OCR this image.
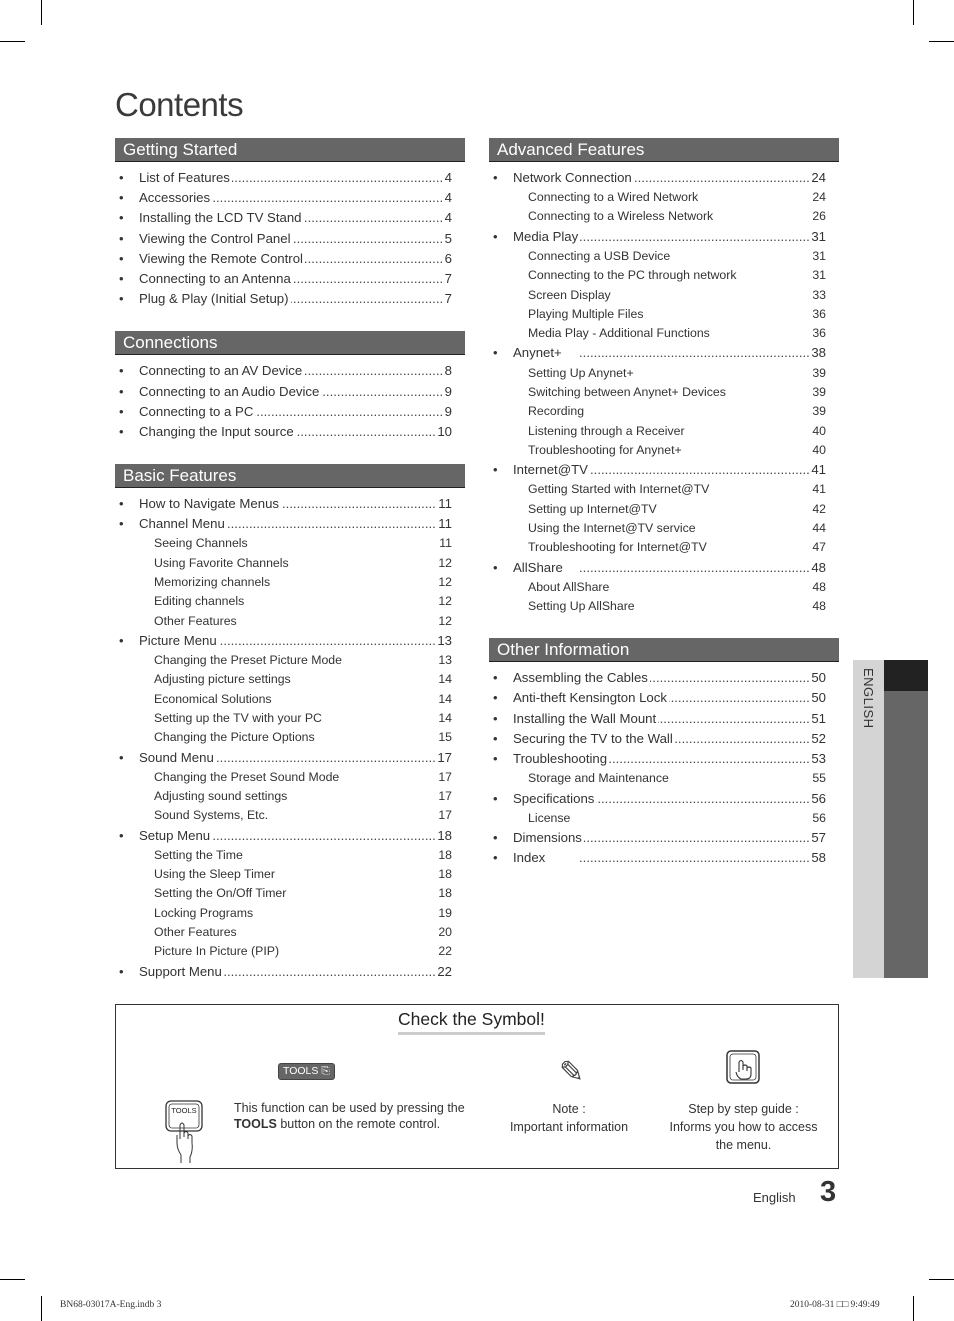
Contents
Getting Started
• List of Features .....	4
• Accessories .....	4
• Installing the LCD TV Stand .....	4
• Viewing the Control Panel .....	5
• Viewing the Remote Control .....	6
• Connecting to an Antenna .....	7
• Plug & Play (Initial Setup) .....	7
Connections
• Connecting to an AV Device .....	8
• Connecting to an Audio Device .....	9
• Connecting to a PC .....	9
• Changing the Input source .....	10
Basic Features
• How to Navigate Menus .....	11
• Channel Menu .....	11
Seeing Channels	11
Using Favorite Channels	12
Memorizing channels	12
Editing channels	12
Other Features	12
• Picture Menu .....	13
Changing the Preset Picture Mode	13
Adjusting picture settings	14
Economical Solutions	14
Setting up the TV with your PC	14
Changing the Picture Options	15
• Sound Menu .....	17
Changing the Preset Sound Mode	17
Adjusting sound settings	17
Sound Systems, Etc.	17
• Setup Menu .....	18
Setting the Time	18
Using the Sleep Timer	18
Setting the On/Off Timer	18
Locking Programs	19
Other Features	20
Picture In Picture (PIP)	22
• Support Menu .....	22
Advanced Features
• Network Connection .....	24
Connecting to a Wired Network	24
Connecting to a Wireless Network	26
• Media Play .....	31
Connecting a USB Device	31
Connecting to the PC through network	31
Screen Display	33
Playing Multiple Files	36
Media Play - Additional Functions	36
• Anynet+ .....	38
Setting Up Anynet+	39
Switching between Anynet+ Devices	39
Recording	39
Listening through a Receiver	40
Troubleshooting for Anynet+	40
• Internet@TV .....	41
Getting Started with Internet@TV	41
Setting up Internet@TV	42
Using the Internet@TV service	44
Troubleshooting for Internet@TV	47
• AllShare .....	48
About AllShare	48
Setting Up AllShare	48
Other Information
• Assembling the Cables .....	50
• Anti-theft Kensington Lock .....	50
• Installing the Wall Mount .....	51
• Securing the TV to the Wall .....	52
• Troubleshooting .....	53
Storage and Maintenance	55
• Specifications .....	56
License	56
• Dimensions .....	57
• Index .....	58
ENGLISH
Check the Symbol!
TOOLS ⎘
TOOLS	This function can be used by pressing the
TOOLS button on the remote control.
✎
Note :
Important information
Step by step guide :
Informs you how to access
the menu.
English 3
BN68-03017A-Eng.indb 3	2010-08-31 □□ 9:49:49
